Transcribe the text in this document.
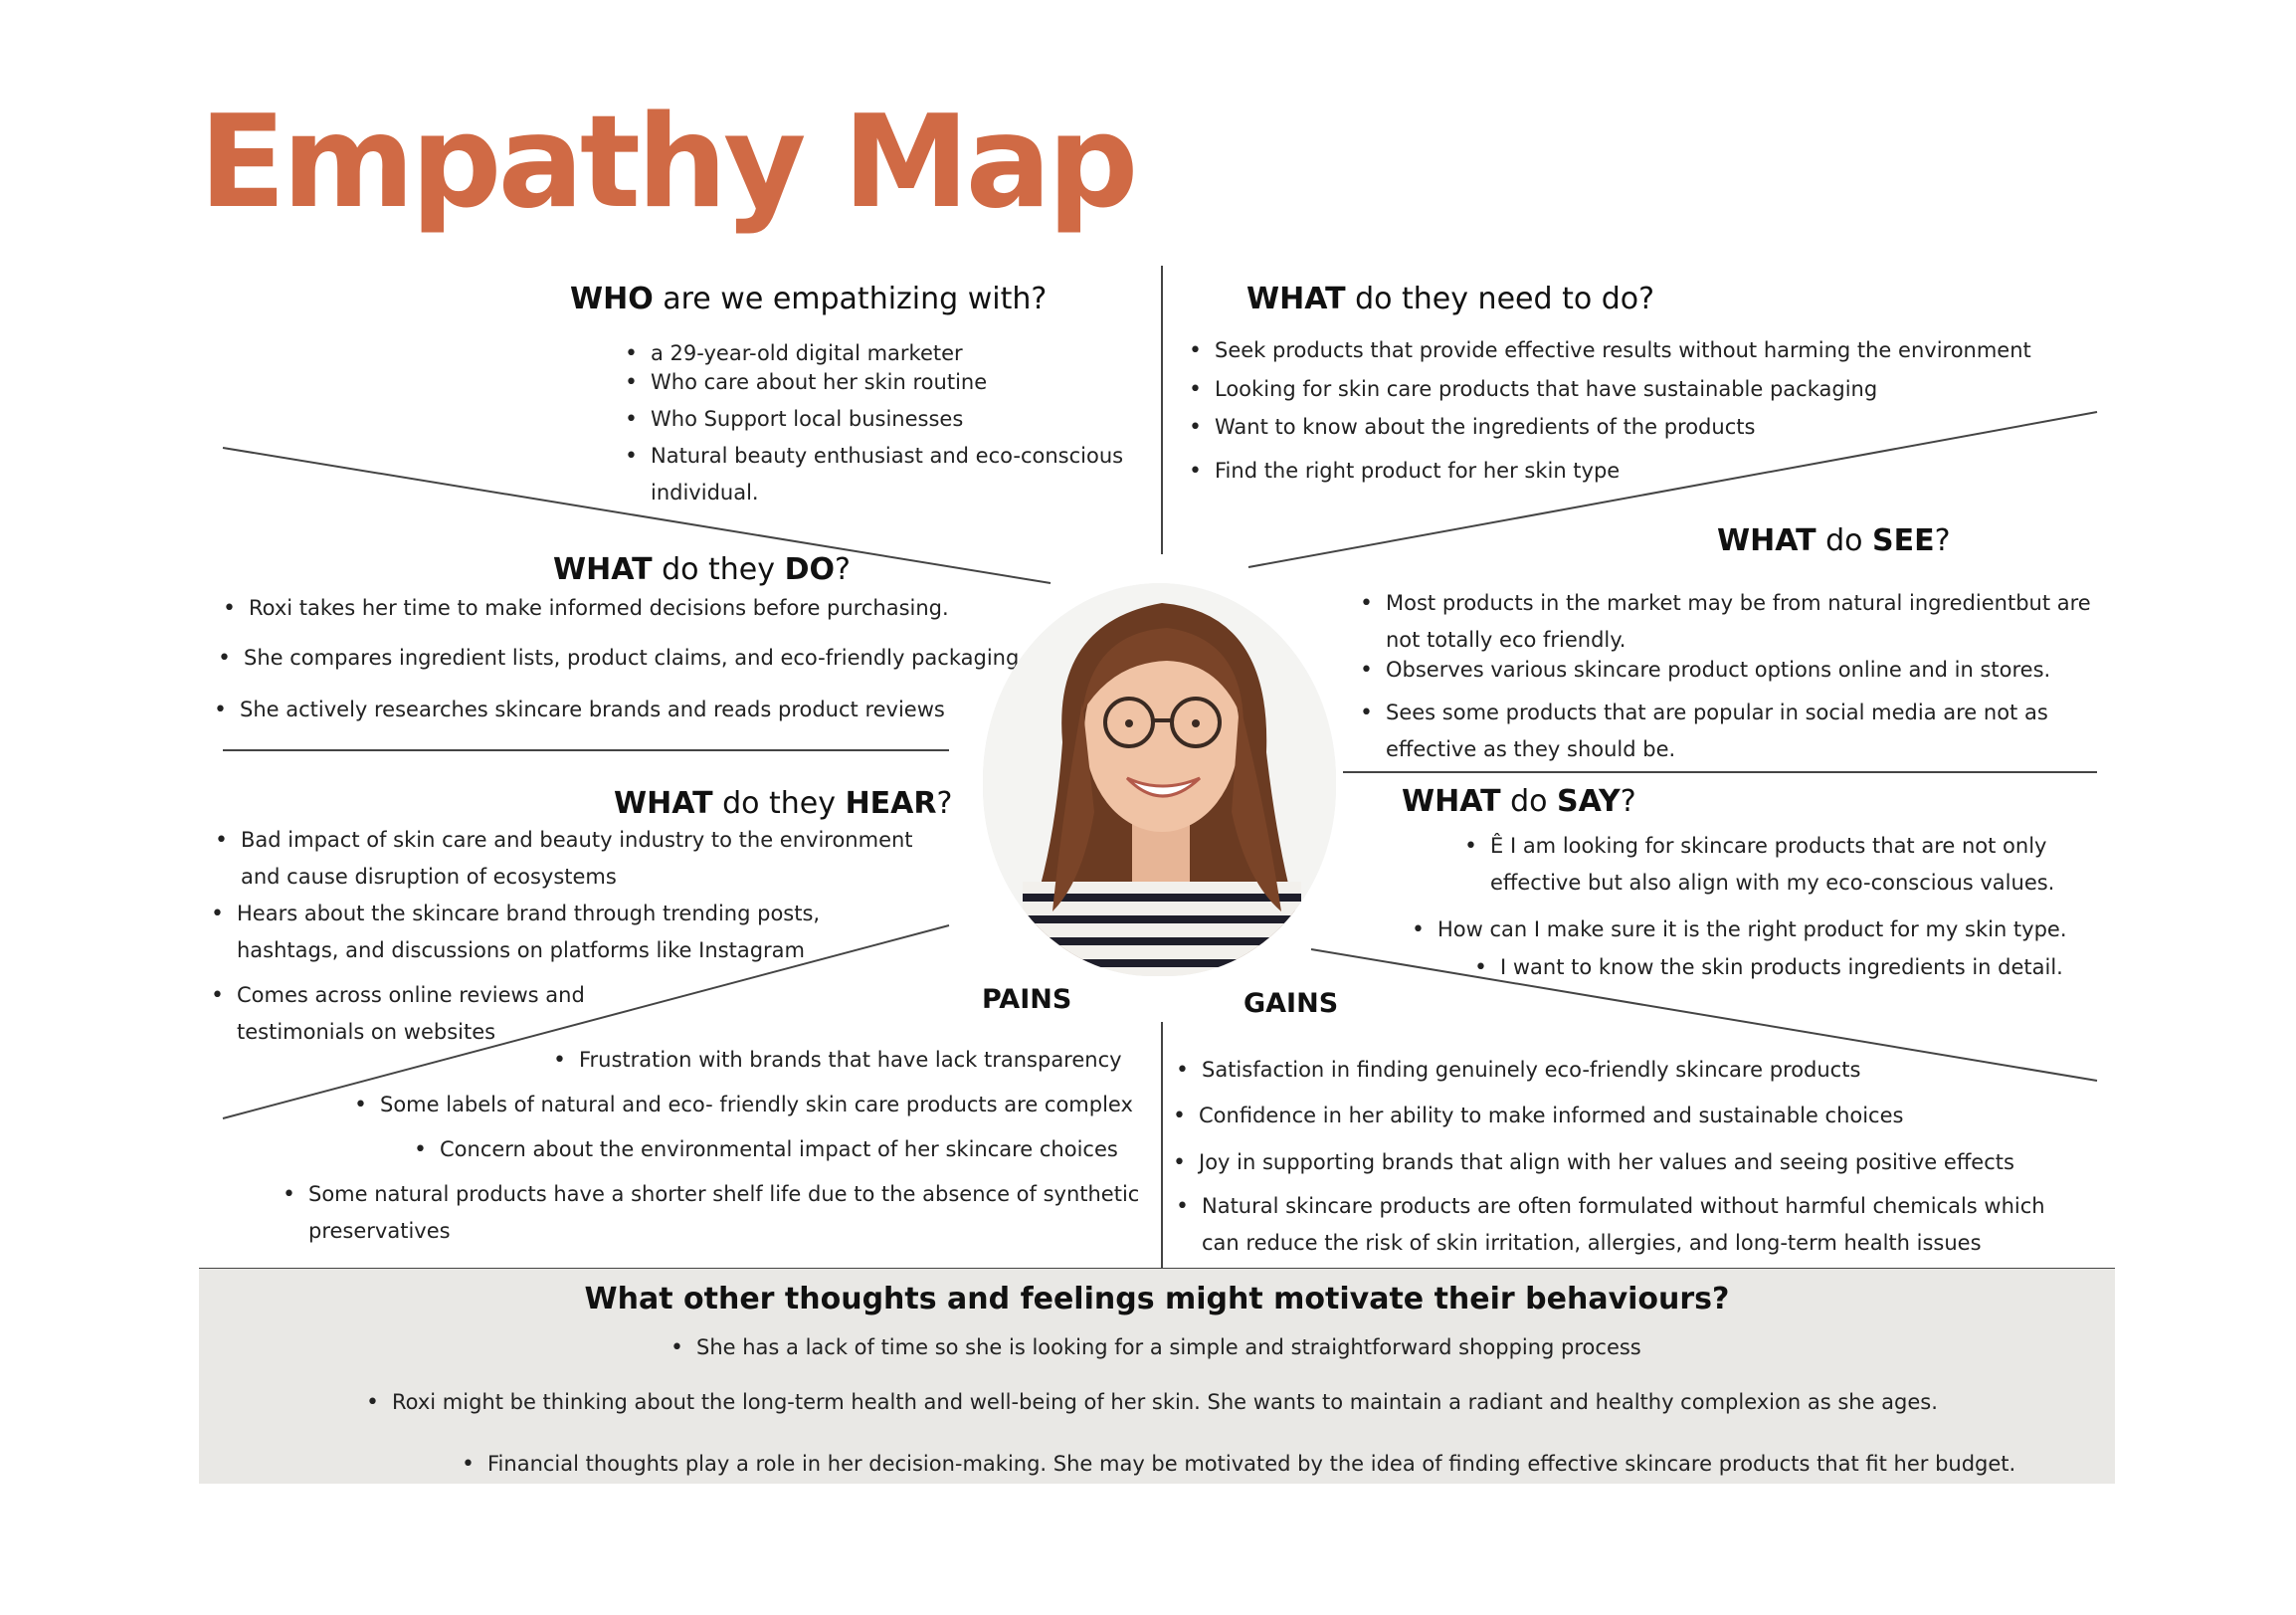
Empathy Map
WHO are we empathizing with?
• a 29-year-old digital marketer
• Who care about her skin routine
• Who Support local businesses
• Natural beauty enthusiast and eco-conscious
individual.
WHAT do they need to do?
• Seek products that provide effective results without harming the environment
• Looking for skin care products that have sustainable packaging
• Want to know about the ingredients of the products
• Find the right product for her skin type
WHAT do they DO?
• Roxi takes her time to make informed decisions before purchasing.
• She compares ingredient lists, product claims, and eco-friendly packaging
• She actively researches skincare brands and reads product reviews
WHAT do SEE?
• Most products in the market may be from natural ingredientbut are
not totally eco friendly.
• Observes various skincare product options online and in stores.
• Sees some products that are popular in social media are not as
effective as they should be.
WHAT do they HEAR?
• Bad impact of skin care and beauty industry to the environment
and cause disruption of ecosystems
• Hears about the skincare brand through trending posts,
hashtags, and discussions on platforms like Instagram
• Comes across online reviews and
testimonials on websites
WHAT do SAY?
• Ê I am looking for skincare products that are not only
effective but also align with my eco-conscious values.
• How can I make sure it is the right product for my skin type.
• I want to know the skin products ingredients in detail.
PAINS	GAINS
• Frustration with brands that have lack transparency
• Some labels of natural and eco- friendly skin care products are complex
• Concern about the environmental impact of her skincare choices
• Some natural products have a shorter shelf life due to the absence of synthetic
preservatives
• Satisfaction in finding genuinely eco-friendly skincare products
• Confidence in her ability to make informed and sustainable choices
• Joy in supporting brands that align with her values and seeing positive effects
• Natural skincare products are often formulated without harmful chemicals which
can reduce the risk of skin irritation, allergies, and long-term health issues
What other thoughts and feelings might motivate their behaviours?
• She has a lack of time so she is looking for a simple and straightforward shopping process
• Roxi might be thinking about the long-term health and well-being of her skin. She wants to maintain a radiant and healthy complexion as she ages.
• Financial thoughts play a role in her decision-making. She may be motivated by the idea of finding effective skincare products that fit her budget.
